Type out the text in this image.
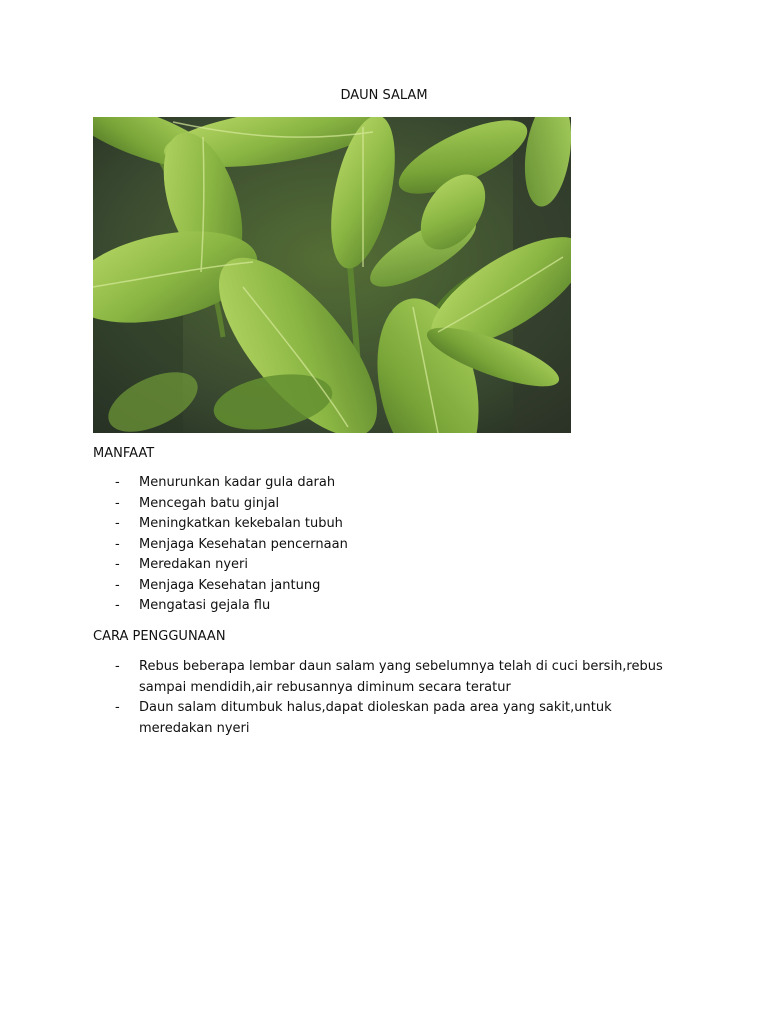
DAUN SALAM
MANFAAT
- Menurunkan kadar gula darah
- Mencegah batu ginjal
- Meningkatkan kekebalan tubuh
- Menjaga Kesehatan pencernaan
- Meredakan nyeri
- Menjaga Kesehatan jantung
- Mengatasi gejala flu
CARA PENGGUNAAN
- Rebus beberapa lembar daun salam yang sebelumnya telah di cuci bersih,rebus sampai mendidih,air rebusannya diminum secara teratur
- Daun salam ditumbuk halus,dapat dioleskan pada area yang sakit,untuk meredakan nyeri
